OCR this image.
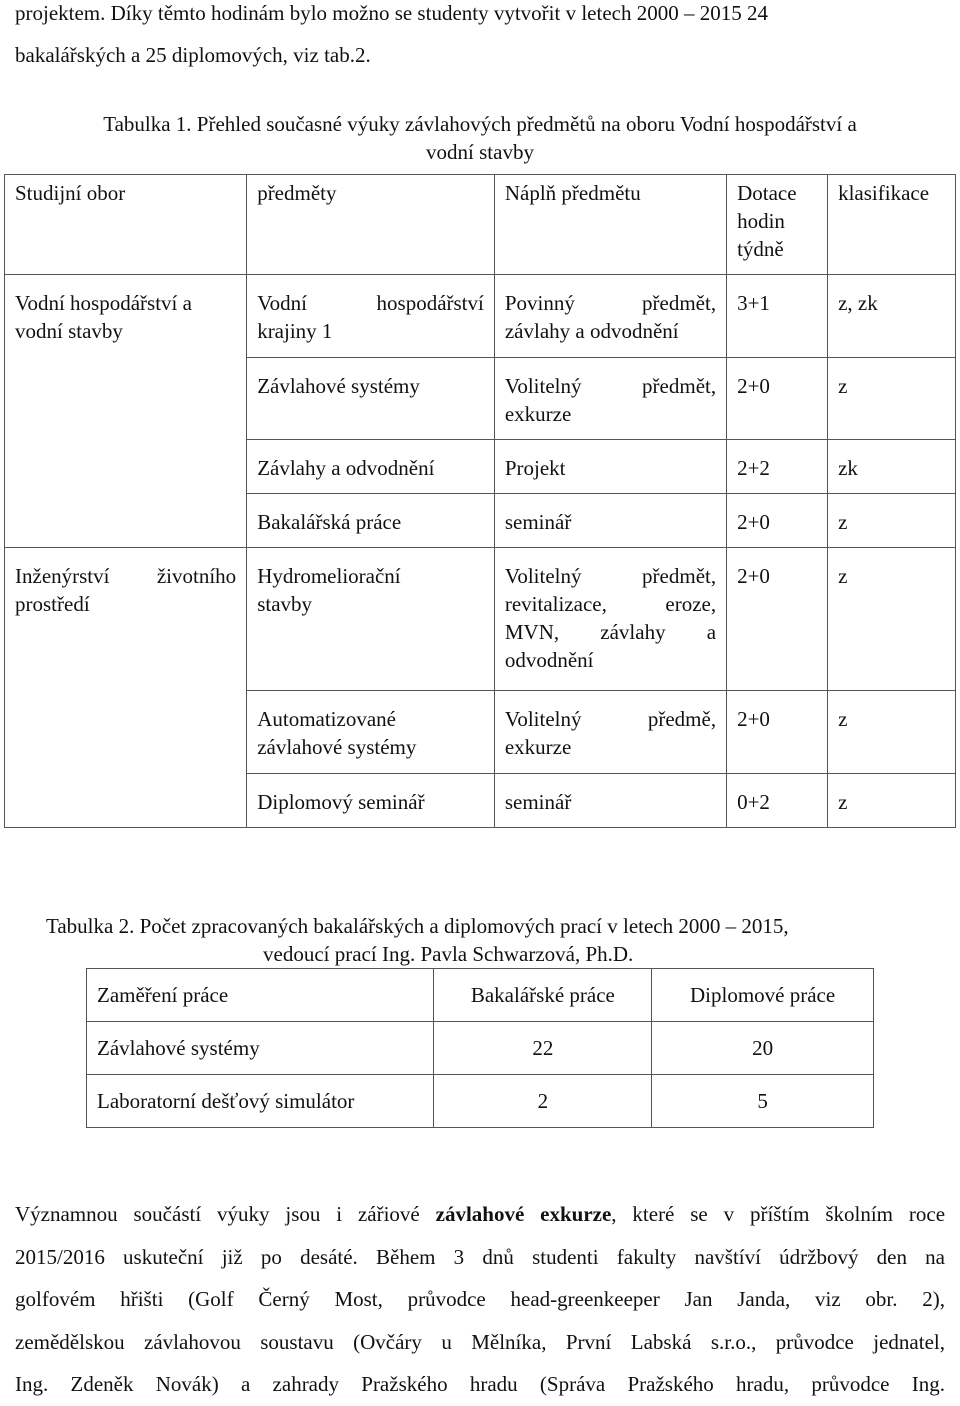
projektem. Díky těmto hodinám bylo možno se studenty vytvořit v letech 2000 – 2015 24
bakalářských a 25 diplomových, viz tab.2.
Tabulka 1. Přehled současné výuky závlahových předmětů na oboru Vodní hospodářství a
vodní stavby
Studijní obor	předměty	Náplň předmětu	Dotace hodin týdně	klasifikace
Vodní hospodářství a vodní stavby	Vodní hospodářství krajiny 1	Povinný předmět, závlahy a odvodnění	3+1	z, zk
	Závlahové systémy	Volitelný předmět, exkurze	2+0	z
	Závlahy a odvodnění	Projekt	2+2	zk
	Bakalářská práce	seminář	2+0	z

Inženýrství životního prostředí	Hydromeliorační stavby	Volitelný předmět, revitalizace, eroze, MVN, závlahy a odvodnění	2+0	z
	Automatizované závlahové systémy	Volitelný předmě, exkurze	2+0	z
	Diplomový seminář	seminář	0+2	z
Tabulka 2. Počet zpracovaných bakalářských a diplomových prací v letech 2000 – 2015,
vedoucí prací Ing. Pavla Schwarzová, Ph.D.
Zaměření práce	Bakalářské práce	Diplomové práce
Závlahové systémy	22	20
Laboratorní dešťový simulátor	2	5
Významnou součástí výuky jsou i zářiové závlahové exkurze, které se v příštím školním roce
2015/2016 uskuteční již po desáté. Během 3 dnů studenti fakulty navštíví údržbový den na
golfovém hřišti (Golf Černý Most, průvodce head-greenkeeper Jan Janda, viz obr. 2),
zemědělskou závlahovou soustavu (Ovčáry u Mělníka, První Labská s.r.o., průvodce jednatel,
Ing. Zdeněk Novák) a zahrady Pražského hradu (Správa Pražského hradu, průvodce Ing.
